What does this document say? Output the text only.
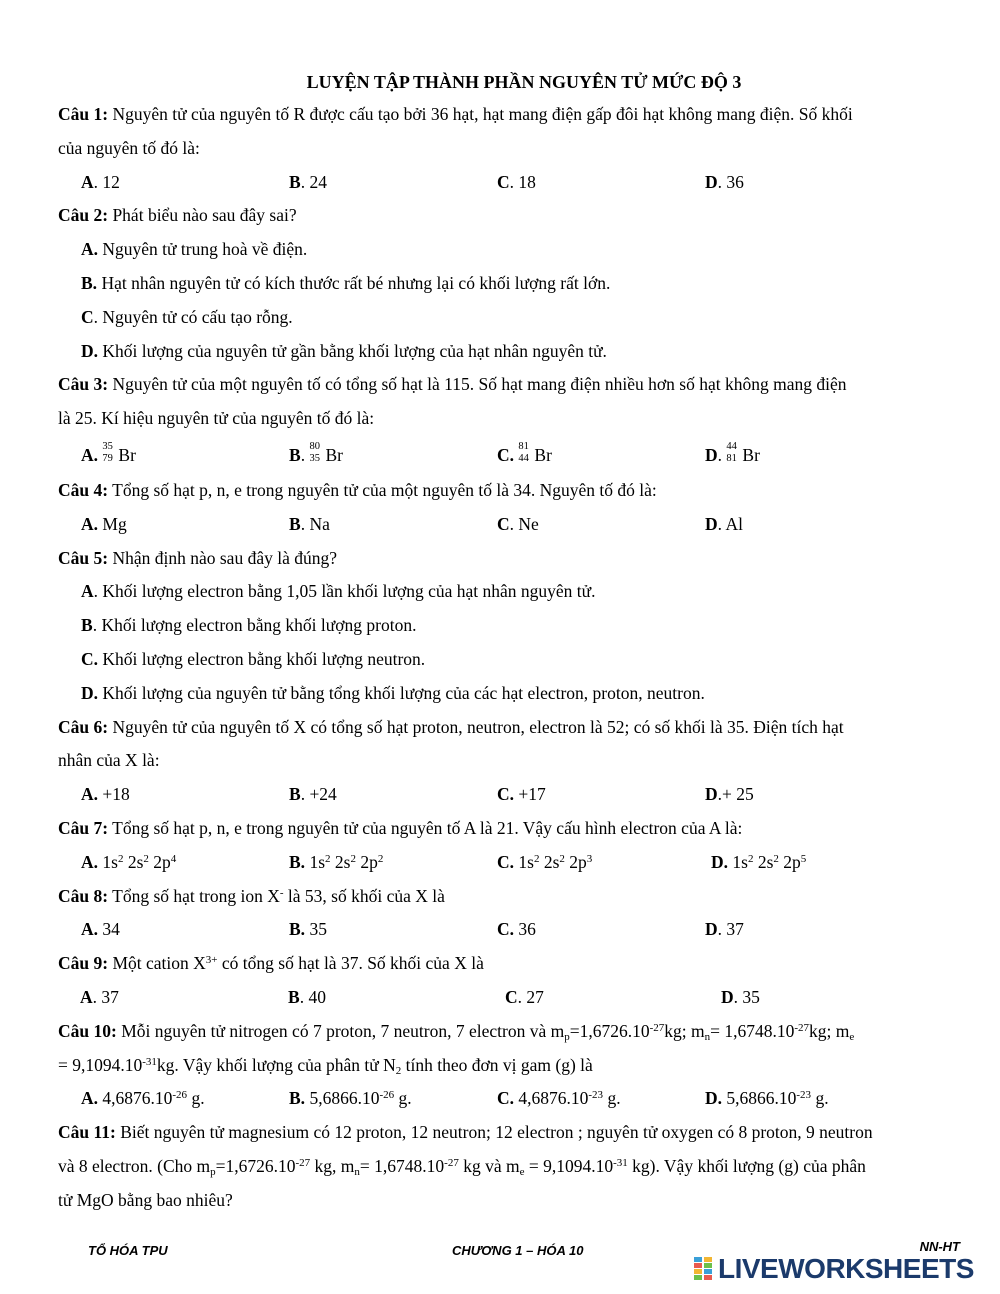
LUYỆN TẬP THÀNH PHẦN NGUYÊN TỬ MỨC ĐỘ 3
Câu 1: Nguyên tử của nguyên tố R được cấu tạo bởi 36 hạt, hạt mang điện gấp đôi hạt không mang điện. Số khối
của nguyên tố đó là:
A. 12	B. 24	C. 18	D. 36
Câu 2: Phát biểu nào sau đây sai?
A. Nguyên tử trung hoà về điện.
B. Hạt nhân nguyên tử có kích thước rất bé nhưng lại có khối lượng rất lớn.
C. Nguyên tử có cấu tạo rỗng.
D. Khối lượng của nguyên tử gần bằng khối lượng của hạt nhân nguyên tử.
Câu 3: Nguyên tử của một nguyên tố có tổng số hạt là 115. Số hạt mang điện nhiều hơn số hạt không mang điện
là 25. Kí hiệu nguyên tử của nguyên tố đó là:
A. 35
79 Br	B. 80
35 Br	C. 81
44 Br	D. 44
81 Br
Câu 4: Tổng số hạt p, n, e trong nguyên tử của một nguyên tố là 34. Nguyên tố đó là:
A. Mg	B. Na	C. Ne	D. Al
Câu 5: Nhận định nào sau đây là đúng?
A. Khối lượng electron bằng 1,05 lần khối lượng của hạt nhân nguyên tử.
B. Khối lượng electron bằng khối lượng proton.
C. Khối lượng electron bằng khối lượng neutron.
D. Khối lượng của nguyên tử bằng tổng khối lượng của các hạt electron, proton, neutron.
Câu 6: Nguyên tử của nguyên tố X có tổng số hạt proton, neutron, electron là 52; có số khối là 35. Điện tích hạt
nhân của X là:
A. +18	B. +24	C. +17	D.+ 25
Câu 7: Tổng số hạt p, n, e trong nguyên tử của nguyên tố A là 21. Vậy cấu hình electron của A là:
A. $1s^2$ $2s^2$ $2p^4$	B. $1s^2$ $2s^2$ $2p^2$	C. $1s^2$ $2s^2$ $2p^3$	D. $1s^2$ $2s^2$ $2p^5$
Câu 8: Tổng số hạt trong ion X- là 53, số khối của X là
A. 34	B. 35	C. 36	D. 37
Câu 9: Một cation $X^{3+}$ có tổng số hạt là 37. Số khối của X là
A. 37	B. 40	C. 27	D. 35
Câu 10: Mỗi nguyên tử nitrogen có 7 proton, 7 neutron, 7 electron và $m_p=1,6726.10^{-27}kg$; $m_n= 1,6748.10^{-27}kg$; $m_e$
= $9,1094.10^{-31}kg$. Vậy khối lượng của phân tử $N_2$ tính theo đơn vị gam (g) là
A. $4,6876.10^{-26}$ g.	B. $5,6866.10^{-26}$ g.	C. $4,6876.10^{-23}$ g.	D. $5,6866.10^{-23}$ g.
Câu 11: Biết nguyên tử magnesium có 12 proton, 12 neutron; 12 electron ; nguyên tử oxygen có 8 proton, 9 neutron
và 8 electron. (Cho $m_p=1,6726.10^{-27}$ kg, $m_n= 1,6748.10^{-27}$ kg và $m_e = 9,1094.10^{-31}$ kg). Vậy khối lượng (g) của phân
tử MgO bằng bao nhiêu?
TỔ HÓA TPU	CHƯƠNG 1 – HÓA 10	NN-HT
LIVEWORKSHEETS
